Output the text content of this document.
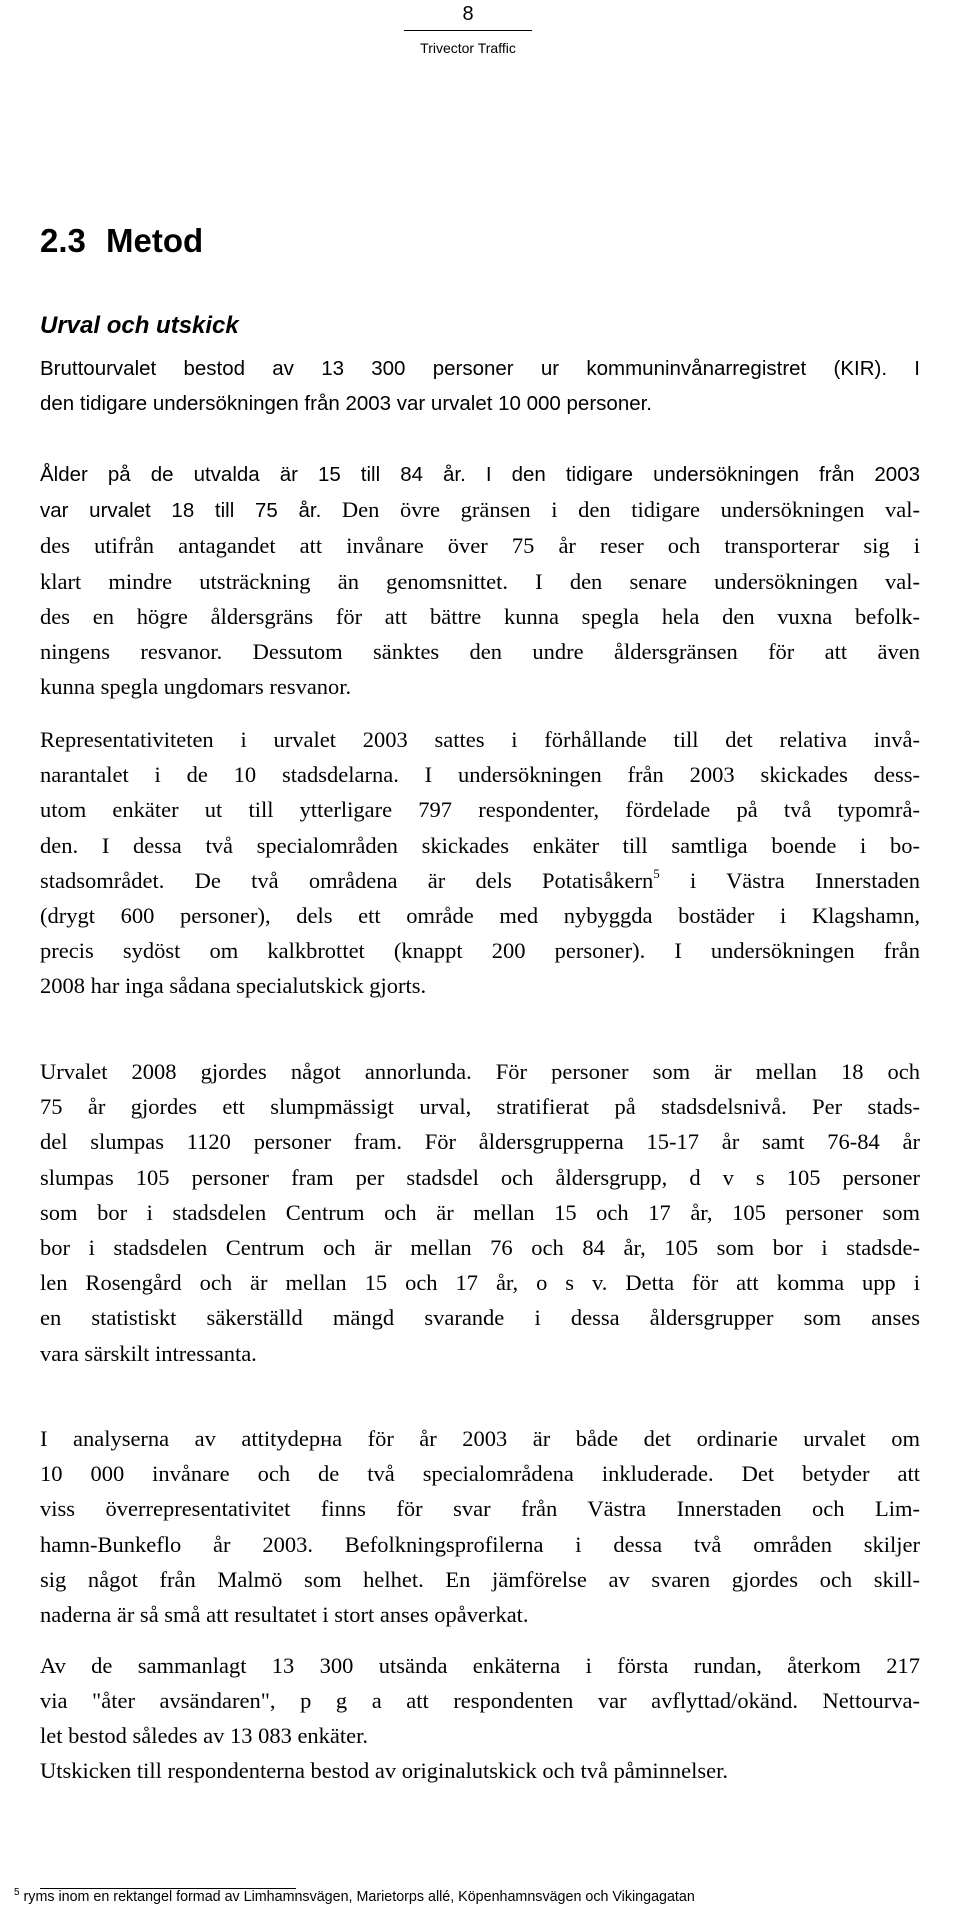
8
Trivector Traffic
2.3 Metod
Urval och utskick

Bruttourvalet bestod av 13 300 personer ur kommuninvånarregistret (KIR). I
den tidigare undersökningen från 2003 var urvalet 10 000 personer.

Ålder på de utvalda är 15 till 84 år. I den tidigare undersökningen från 2003
var urvalet 18 till 75 år. Den övre gränsen i den tidigare undersökningen val-
des utifrån antagandet att invånare över 75 år reser och transporterar sig i
klart mindre utsträckning än genomsnittet. I den senare undersökningen val-
des en högre åldersgräns för att bättre kunna spegla hela den vuxna befolk-
ningens resvanor. Dessutom sänktes den undre åldersgränsen för att även
kunna spegla ungdomars resvanor.

Representativiteten i urvalet 2003 sattes i förhållande till det relativa invå-
narantalet i de 10 stadsdelarna. I undersökningen från 2003 skickades dess-
utom enkäter ut till ytterligare 797 respondenter, fördelade på två typområ-
den. I dessa två specialområden skickades enkäter till samtliga boende i bo-
stadsområdet. De två områdena är dels Potatisåkern$^5$ i Västra Innerstaden
(drygt 600 personer), dels ett område med nybyggda bostäder i Klagshamn,
precis sydöst om kalkbrottet (knappt 200 personer). I undersökningen från
2008 har inga sådana specialutskick gjorts.

Urvalet 2008 gjordes något annorlunda. För personer som är mellan 18 och
75 år gjordes ett slumpmässigt urval, stratifierat på stadsdelsnivå. Per stads-
del slumpas 1120 personer fram. För åldersgrupperna 15-17 år samt 76-84 år
slumpas 105 personer fram per stadsdel och åldersgrupp, d v s 105 personer
som bor i stadsdelen Centrum och är mellan 15 och 17 år, 105 personer som
bor i stadsdelen Centrum och är mellan 76 och 84 år, 105 som bor i stadsde-
len Rosengård och är mellan 15 och 17 år, o s v. Detta för att komma upp i
en statistiskt säkerställd mängd svarande i dessa åldersgrupper som anses
vara särskilt intressanta.

I analyserna av attitydерна för år 2003 är både det ordinarie urvalet om
10 000 invånare och de två specialområdena inkluderade. Det betyder att
viss överrepresentativitet finns för svar från Västra Innerstaden och Lim-
hamn-Bunkeflo år 2003. Befolkningsprofilerna i dessa två områden skiljer
sig något från Malmö som helhet. En jämförelse av svaren gjordes och skill-
naderna är så små att resultatet i stort anses opåverkat.

Av de sammanlagt 13 300 utsända enkäterna i första rundan, återkom 217
via "åter avsändaren", p g a att respondenten var avflyttad/okänd. Nettourva-
let bestod således av 13 083 enkäter.

Utskicken till respondenterna bestod av originalutskick och två påminnelser.

$^5$ ryms inom en rektangel formad av Limhamnsvägen, Marietorps allé, Köpenhamnsvägen och Vikingagatan
